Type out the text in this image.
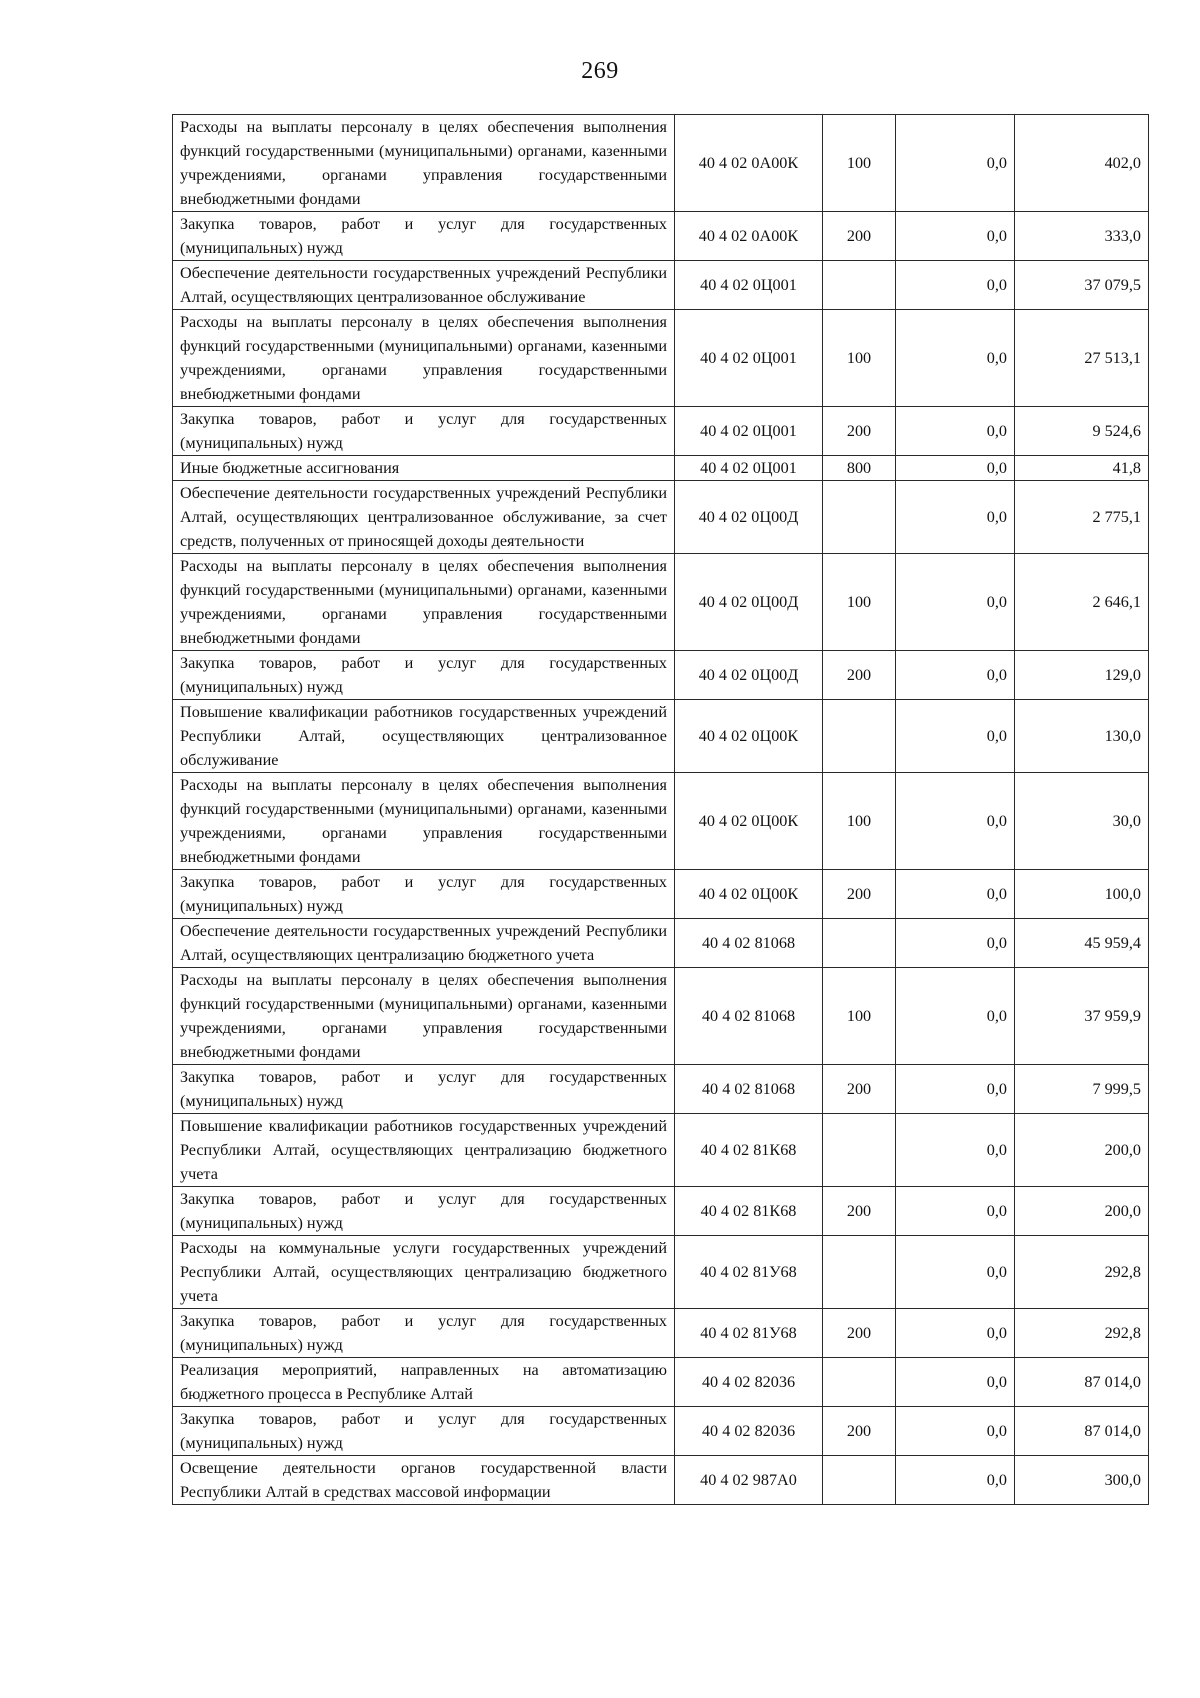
269
Расходы на выплаты персоналу в целях обеспечения выполнения функций государственными (муниципальными) органами, казенными учреждениями, органами управления государственными внебюджетными фондами	40 4 02 0А00К	100	0,0	402,0
Закупка товаров, работ и услуг для государственных (муниципальных) нужд	40 4 02 0А00К	200	0,0	333,0
Обеспечение деятельности государственных учреждений Республики Алтай, осуществляющих централизованное обслуживание	40 4 02 0Ц001		0,0	37 079,5
Расходы на выплаты персоналу в целях обеспечения выполнения функций государственными (муниципальными) органами, казенными учреждениями, органами управления государственными внебюджетными фондами	40 4 02 0Ц001	100	0,0	27 513,1
Закупка товаров, работ и услуг для государственных (муниципальных) нужд	40 4 02 0Ц001	200	0,0	9 524,6
Иные бюджетные ассигнования	40 4 02 0Ц001	800	0,0	41,8
Обеспечение деятельности государственных учреждений Республики Алтай, осуществляющих централизованное обслуживание, за счет средств, полученных от приносящей доходы деятельности	40 4 02 0Ц00Д		0,0	2 775,1
Расходы на выплаты персоналу в целях обеспечения выполнения функций государственными (муниципальными) органами, казенными учреждениями, органами управления государственными внебюджетными фондами	40 4 02 0Ц00Д	100	0,0	2 646,1
Закупка товаров, работ и услуг для государственных (муниципальных) нужд	40 4 02 0Ц00Д	200	0,0	129,0
Повышение квалификации работников государственных учреждений Республики Алтай, осуществляющих централизованное обслуживание	40 4 02 0Ц00К		0,0	130,0
Расходы на выплаты персоналу в целях обеспечения выполнения функций государственными (муниципальными) органами, казенными учреждениями, органами управления государственными внебюджетными фондами	40 4 02 0Ц00К	100	0,0	30,0
Закупка товаров, работ и услуг для государственных (муниципальных) нужд	40 4 02 0Ц00К	200	0,0	100,0
Обеспечение деятельности государственных учреждений Республики Алтай, осуществляющих централизацию бюджетного учета	40 4 02 81068		0,0	45 959,4
Расходы на выплаты персоналу в целях обеспечения выполнения функций государственными (муниципальными) органами, казенными учреждениями, органами управления государственными внебюджетными фондами	40 4 02 81068	100	0,0	37 959,9
Закупка товаров, работ и услуг для государственных (муниципальных) нужд	40 4 02 81068	200	0,0	7 999,5
Повышение квалификации работников государственных учреждений Республики Алтай, осуществляющих централизацию бюджетного учета	40 4 02 81К68		0,0	200,0
Закупка товаров, работ и услуг для государственных (муниципальных) нужд	40 4 02 81К68	200	0,0	200,0
Расходы на коммунальные услуги государственных учреждений Республики Алтай, осуществляющих централизацию бюджетного учета	40 4 02 81У68		0,0	292,8
Закупка товаров, работ и услуг для государственных (муниципальных) нужд	40 4 02 81У68	200	0,0	292,8
Реализация мероприятий, направленных на автоматизацию бюджетного процесса в Республике Алтай	40 4 02 82036		0,0	87 014,0
Закупка товаров, работ и услуг для государственных (муниципальных) нужд	40 4 02 82036	200	0,0	87 014,0
Освещение деятельности органов государственной власти Республики Алтай в средствах массовой информации	40 4 02 987А0		0,0	300,0
